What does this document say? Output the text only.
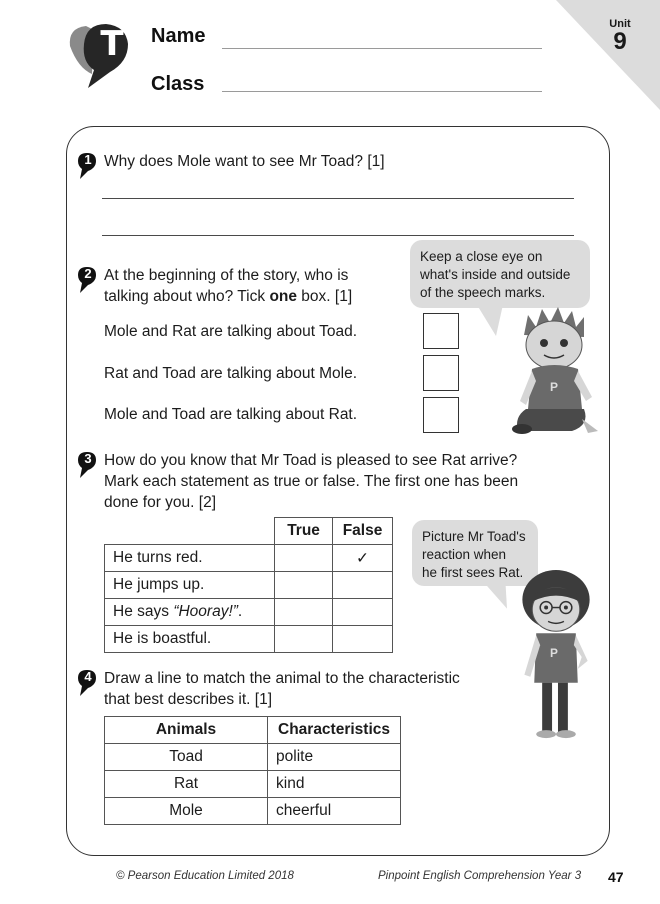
T Name
Class
Unit
9
1 Why does Mole want to see Mr Toad? [1]
2 At the beginning of the story, who is
talking about who? Tick one box. [1]
Mole and Rat are talking about Toad.
Rat and Toad are talking about Mole.
Mole and Toad are talking about Rat.
Keep a close eye on
what's inside and outside
of the speech marks.
P
3 How do you know that Mr Toad is pleased to see Rat arrive?
Mark each statement as true or false. The first one has been
done for you. [2]
	True	False
He turns red.		✓
He jumps up.		
He says “Hooray!”.		
He is boastful.		
Picture Mr Toad's
reaction when
he first sees Rat.
P
4 Draw a line to match the animal to the characteristic
that best describes it. [1]
Animals	Characteristics
Toad	polite
Rat	kind
Mole	cheerful
© Pearson Education Limited 2018	Pinpoint English Comprehension Year 3 47
